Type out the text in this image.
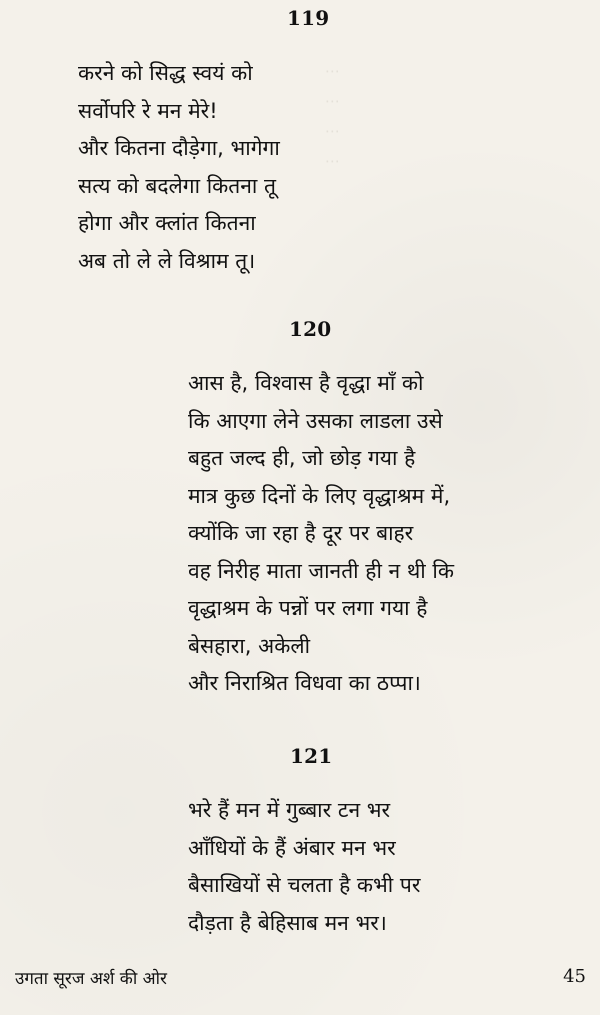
⋯
⋯
⋯
⋯
119
करने को सिद्ध स्वयं को
सर्वोपरि रे मन मेरे!
और कितना दौड़ेगा, भागेगा
सत्य को बदलेगा कितना तू
होगा और क्लांत कितना
अब तो ले ले विश्राम तू।
120
आस है, विश्वास है वृद्धा माँ को
कि आएगा लेने उसका लाडला उसे
बहुत जल्द ही, जो छोड़ गया है
मात्र कुछ दिनों के लिए वृद्धाश्रम में,
क्योंकि जा रहा है दूर पर बाहर
वह निरीह माता जानती ही न थी कि
वृद्धाश्रम के पन्नों पर लगा गया है
बेसहारा, अकेली
और निराश्रित विधवा का ठप्पा।
121
भरे हैं मन में गुब्बार टन भर
आँधियों के हैं अंबार मन भर
बैसाखियों से चलता है कभी पर
दौड़ता है बेहिसाब मन भर।
उगता सूरज अर्श की ओर	45
